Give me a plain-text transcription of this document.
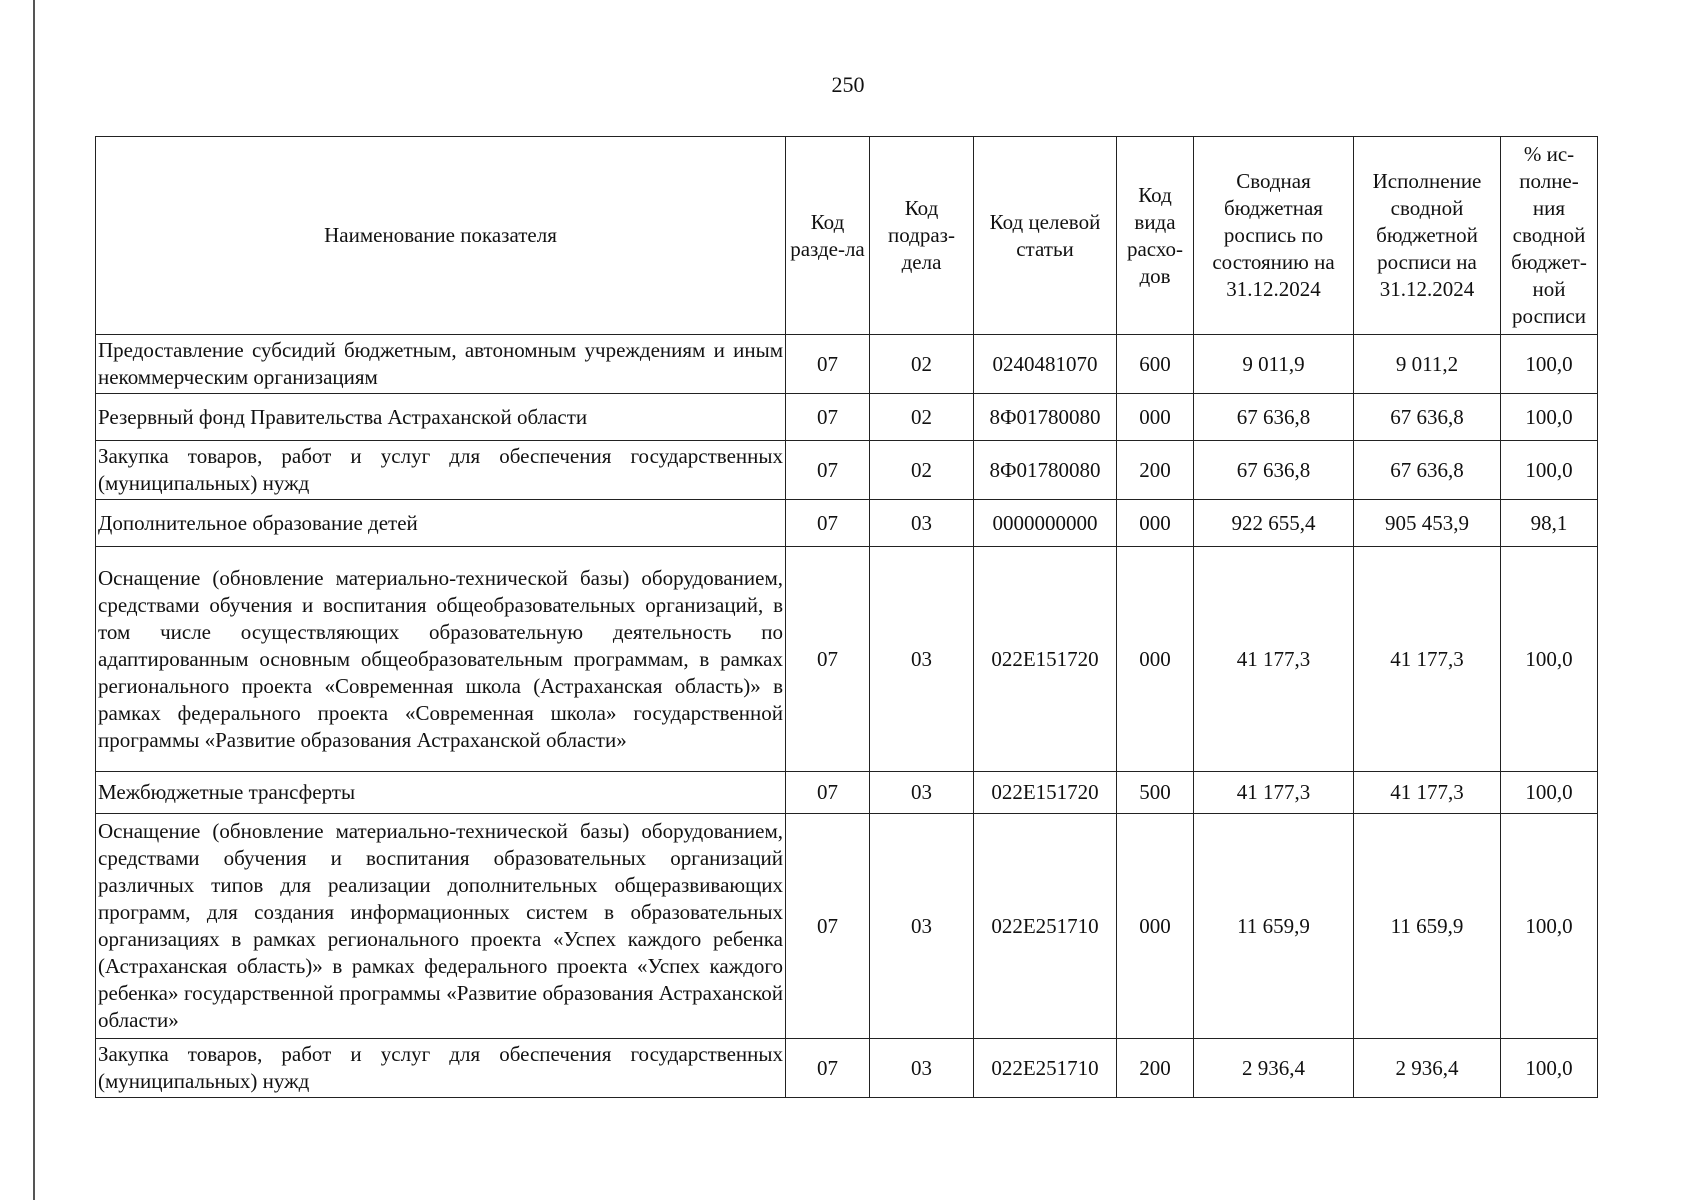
250
Наименование показателя	Код разде-ла	Код подраз-дела	Код целевой статьи	Код вида расхо-дов	Сводная бюджетная роспись по состоянию на 31.12.2024	Исполнение сводной бюджетной росписи на 31.12.2024	% ис-полне-ния сводной бюджет-ной росписи
Предоставление субсидий бюджетным, автономным учреждениям и иным некоммерческим организациям	07	02	0240481070	600	9 011,9	9 011,2	100,0
Резервный фонд Правительства Астраханской области	07	02	8Ф01780080	000	67 636,8	67 636,8	100,0
Закупка товаров, работ и услуг для обеспечения государственных (муниципальных) нужд	07	02	8Ф01780080	200	67 636,8	67 636,8	100,0
Дополнительное образование детей	07	03	0000000000	000	922 655,4	905 453,9	98,1
Оснащение (обновление материально-технической базы) оборудованием, средствами обучения и воспитания общеобразовательных организаций, в том числе осуществляющих образовательную деятельность по адаптированным основным общеобразовательным программам, в рамках регионального проекта «Современная школа (Астраханская область)» в рамках федерального проекта «Современная школа» государственной программы «Развитие образования Астраханской области»	07	03	022Е151720	000	41 177,3	41 177,3	100,0
Межбюджетные трансферты	07	03	022Е151720	500	41 177,3	41 177,3	100,0
Оснащение (обновление материально-технической базы) оборудованием, средствами обучения и воспитания образовательных организаций различных типов для реализации дополнительных общеразвивающих программ, для создания информационных систем в образовательных организациях в рамках регионального проекта «Успех каждого ребенка (Астраханская область)» в рамках федерального проекта «Успех каждого ребенка» государственной программы «Развитие образования Астраханской области»	07	03	022Е251710	000	11 659,9	11 659,9	100,0
Закупка товаров, работ и услуг для обеспечения государственных (муниципальных) нужд	07	03	022Е251710	200	2 936,4	2 936,4	100,0
